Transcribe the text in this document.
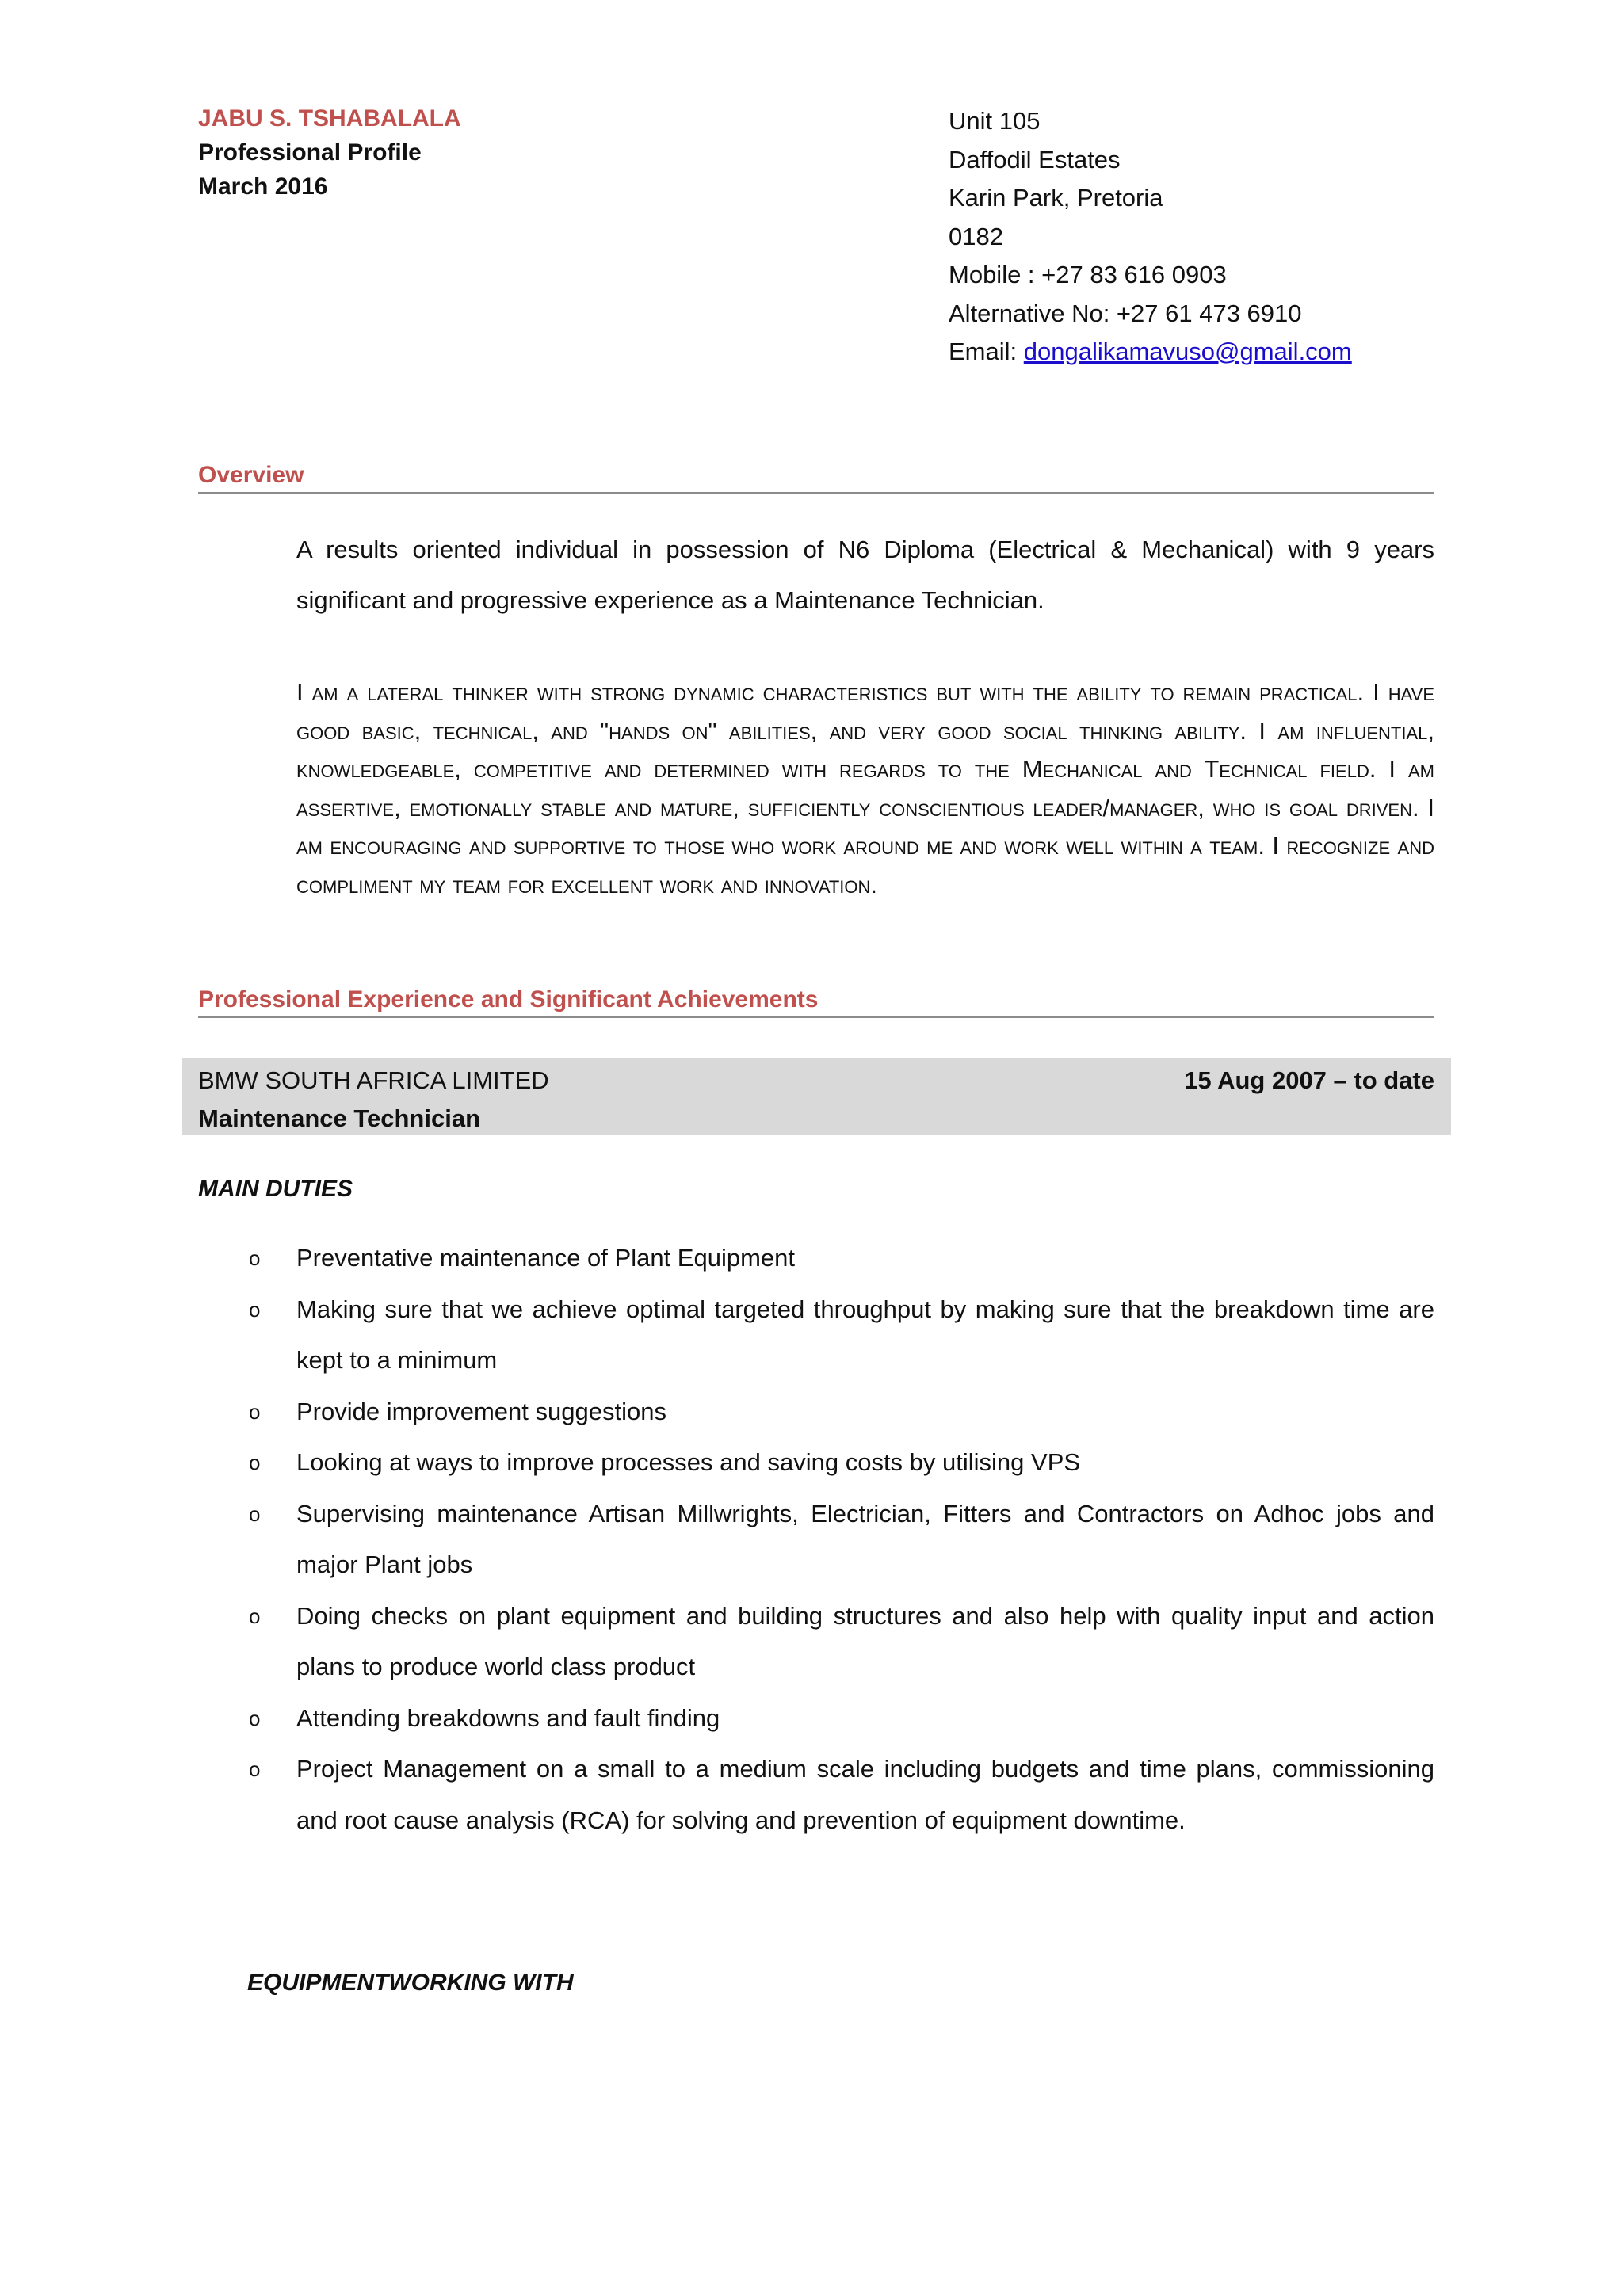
JABU S. TSHABALALA
Professional Profile
March 2016
Unit 105
Daffodil Estates
Karin Park, Pretoria
0182
Mobile : +27 83 616 0903
Alternative No: +27 61 473 6910
Email: dongalikamavuso@gmail.com
Overview
A results oriented individual in possession of N6 Diploma (Electrical & Mechanical) with 9 years significant and progressive experience as a Maintenance Technician.
I am a lateral thinker with strong dynamic characteristics but with the ability to remain practical. I have good basic, technical, and "hands on" abilities, and very good social thinking ability. I am influential, knowledgeable, competitive and determined with regards to the Mechanical and Technical field. I am assertive, emotionally stable and mature, sufficiently conscientious leader/manager, who is goal driven. I am encouraging and supportive to those who work around me and work well within a team. I recognize and compliment my team for excellent work and innovation.
Professional Experience and Significant Achievements
BMW SOUTH AFRICA LIMITED	15 Aug 2007 – to date
Maintenance Technician
MAIN DUTIES
o Preventative maintenance of Plant Equipment
o Making sure that we achieve optimal targeted throughput by making sure that the breakdown time are kept to a minimum
o Provide improvement suggestions
o Looking at ways to improve processes and saving costs by utilising VPS
o Supervising maintenance Artisan Millwrights, Electrician, Fitters and Contractors on Adhoc jobs and major Plant jobs
o Doing checks on plant equipment and building structures and also help with quality input and action plans to produce world class product
o Attending breakdowns and fault finding
o Project Management on a small to a medium scale including budgets and time plans, commissioning and root cause analysis (RCA) for solving and prevention of equipment downtime.
EQUIPMENTWORKING WITH
